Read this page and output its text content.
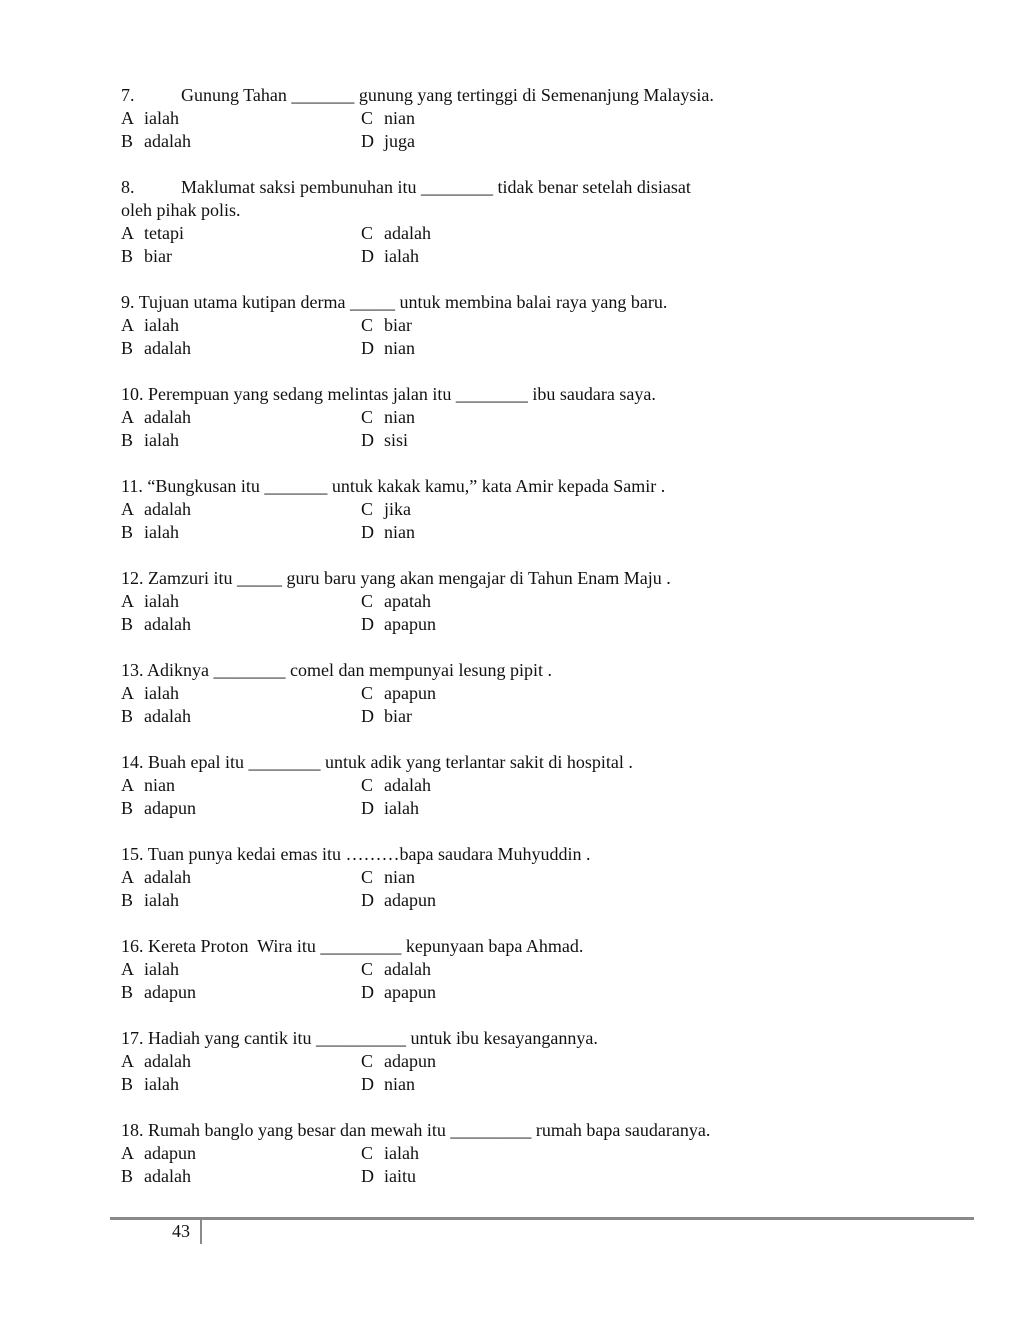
7.	Gunung Tahan _______ gunung yang tertinggi di Semenanjung Malaysia.
A ialah	C nian
B adalah	D juga
8.	Maklumat saksi pembunuhan itu ________ tidak benar setelah disiasat
oleh pihak polis.
A tetapi	C adalah
B biar	D ialah
9. Tujuan utama kutipan derma _____ untuk membina balai raya yang baru.
A ialah	C biar
B adalah	D nian
10. Perempuan yang sedang melintas jalan itu ________ ibu saudara saya.
A adalah	C nian
B ialah	D sisi
11. “Bungkusan itu _______ untuk kakak kamu,” kata Amir kepada Samir .
A adalah	C jika
B ialah	D nian
12. Zamzuri itu _____ guru baru yang akan mengajar di Tahun Enam Maju .
A ialah	C apatah
B adalah	D apapun
13. Adiknya ________ comel dan mempunyai lesung pipit .
A ialah	C apapun
B adalah	D biar
14. Buah epal itu ________ untuk adik yang terlantar sakit di hospital .
A nian	C adalah
B adapun	D ialah
15. Tuan punya kedai emas itu ………bapa saudara Muhyuddin .
A adalah	C nian
B ialah	D adapun
16. Kereta Proton  Wira itu _________ kepunyaan bapa Ahmad.
A ialah	C adalah
B adapun	D apapun
17. Hadiah yang cantik itu __________ untuk ibu kesayangannya.
A adalah	C adapun
B ialah	D nian
18. Rumah banglo yang besar dan mewah itu _________ rumah bapa saudaranya.
A adapun	C ialah
B adalah	D iaitu
43
